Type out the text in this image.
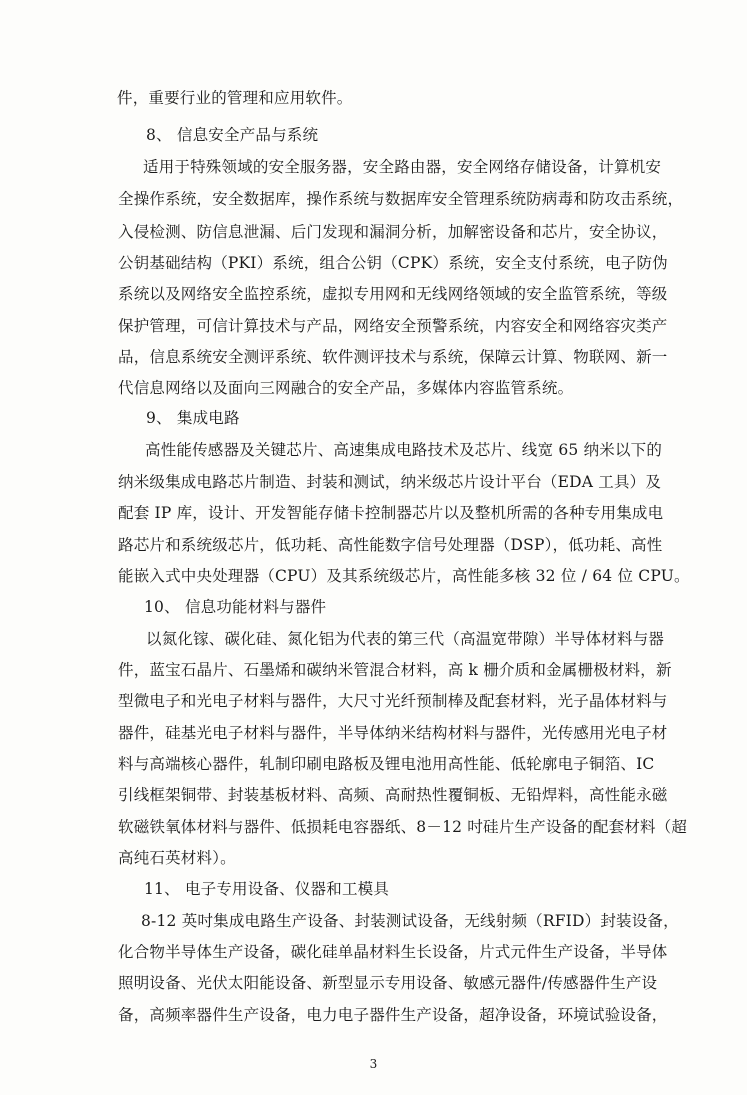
件，重要行业的管理和应用软件。
8、 信息安全产品与系统
适用于特殊领域的安全服务器，安全路由器，安全网络存储设备，计算机安
全操作系统，安全数据库，操作系统与数据库安全管理系统防病毒和防攻击系统，
入侵检测、防信息泄漏、后门发现和漏洞分析，加解密设备和芯片，安全协议，
公钥基础结构（PKI）系统，组合公钥（CPK）系统，安全支付系统，电子防伪
系统以及网络安全监控系统，虚拟专用网和无线网络领域的安全监管系统，等级
保护管理，可信计算技术与产品，网络安全预警系统，内容安全和网络容灾类产
品，信息系统安全测评系统、软件测评技术与系统，保障云计算、物联网、新一
代信息网络以及面向三网融合的安全产品，多媒体内容监管系统。
9、 集成电路
高性能传感器及关键芯片、高速集成电路技术及芯片、线宽 65 纳米以下的
纳米级集成电路芯片制造、封装和测试，纳米级芯片设计平台（EDA 工具）及
配套 IP 库，设计、开发智能存储卡控制器芯片以及整机所需的各种专用集成电
路芯片和系统级芯片，低功耗、高性能数字信号处理器（DSP），低功耗、高性
能嵌入式中央处理器（CPU）及其系统级芯片，高性能多核 32 位 / 64 位 CPU。
10、 信息功能材料与器件
以氮化镓、碳化硅、氮化铝为代表的第三代（高温宽带隙）半导体材料与器
件，蓝宝石晶片、石墨烯和碳纳米管混合材料，高 k 栅介质和金属栅极材料，新
型微电子和光电子材料与器件，大尺寸光纤预制棒及配套材料，光子晶体材料与
器件，硅基光电子材料与器件，半导体纳米结构材料与器件，光传感用光电子材
料与高端核心器件，轧制印刷电路板及锂电池用高性能、低轮廓电子铜箔、IC
引线框架铜带、封装基板材料、高频、高耐热性覆铜板、无铅焊料，高性能永磁
软磁铁氧体材料与器件、低损耗电容器纸、8－12 吋硅片生产设备的配套材料（超
高纯石英材料）。
11、 电子专用设备、仪器和工模具
8-12 英吋集成电路生产设备、封装测试设备，无线射频（RFID）封装设备，
化合物半导体生产设备，碳化硅单晶材料生长设备，片式元件生产设备，半导体
照明设备、光伏太阳能设备、新型显示专用设备、敏感元器件/传感器件生产设
备，高频率器件生产设备，电力电子器件生产设备，超净设备，环境试验设备，
3
